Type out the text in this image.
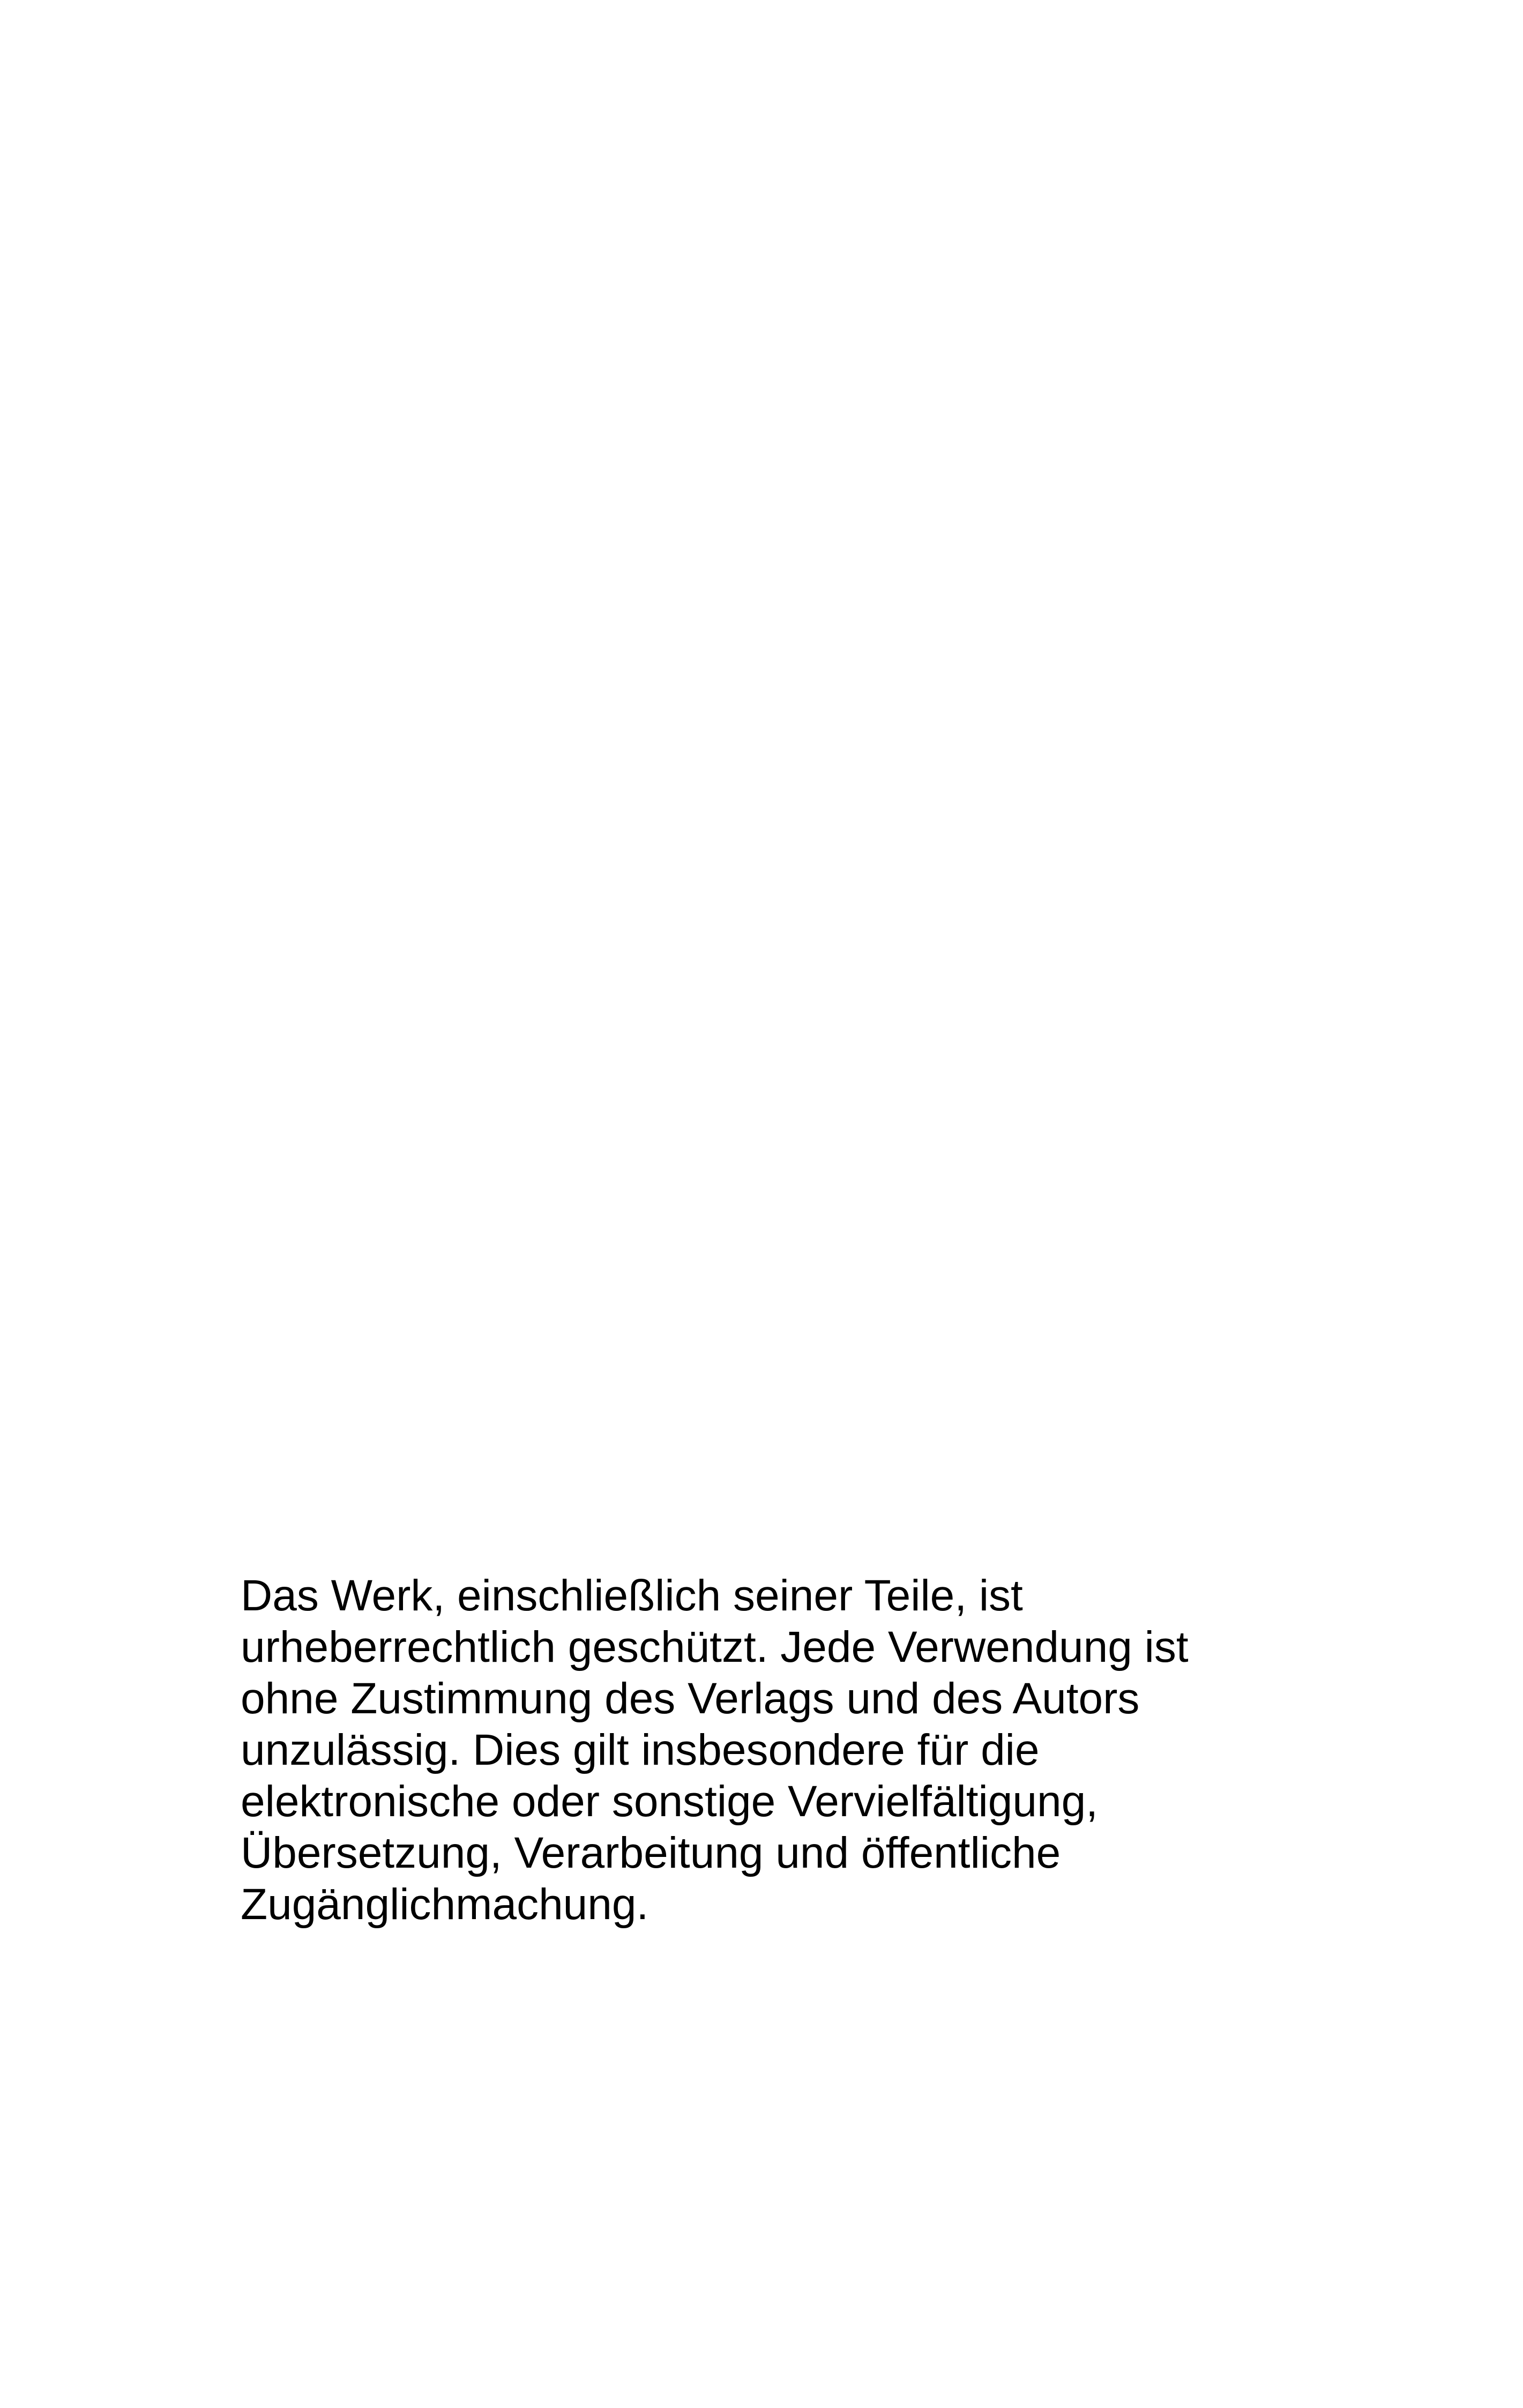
Das Werk, einschließlich seiner Teile, ist
urheberrechtlich geschützt. Jede Verwendung ist
ohne Zustimmung des Verlags und des Autors
unzulässig. Dies gilt insbesondere für die
elektronische oder sonstige Vervielfältigung,
Übersetzung, Verarbeitung und öffentliche
Zugänglichmachung.
